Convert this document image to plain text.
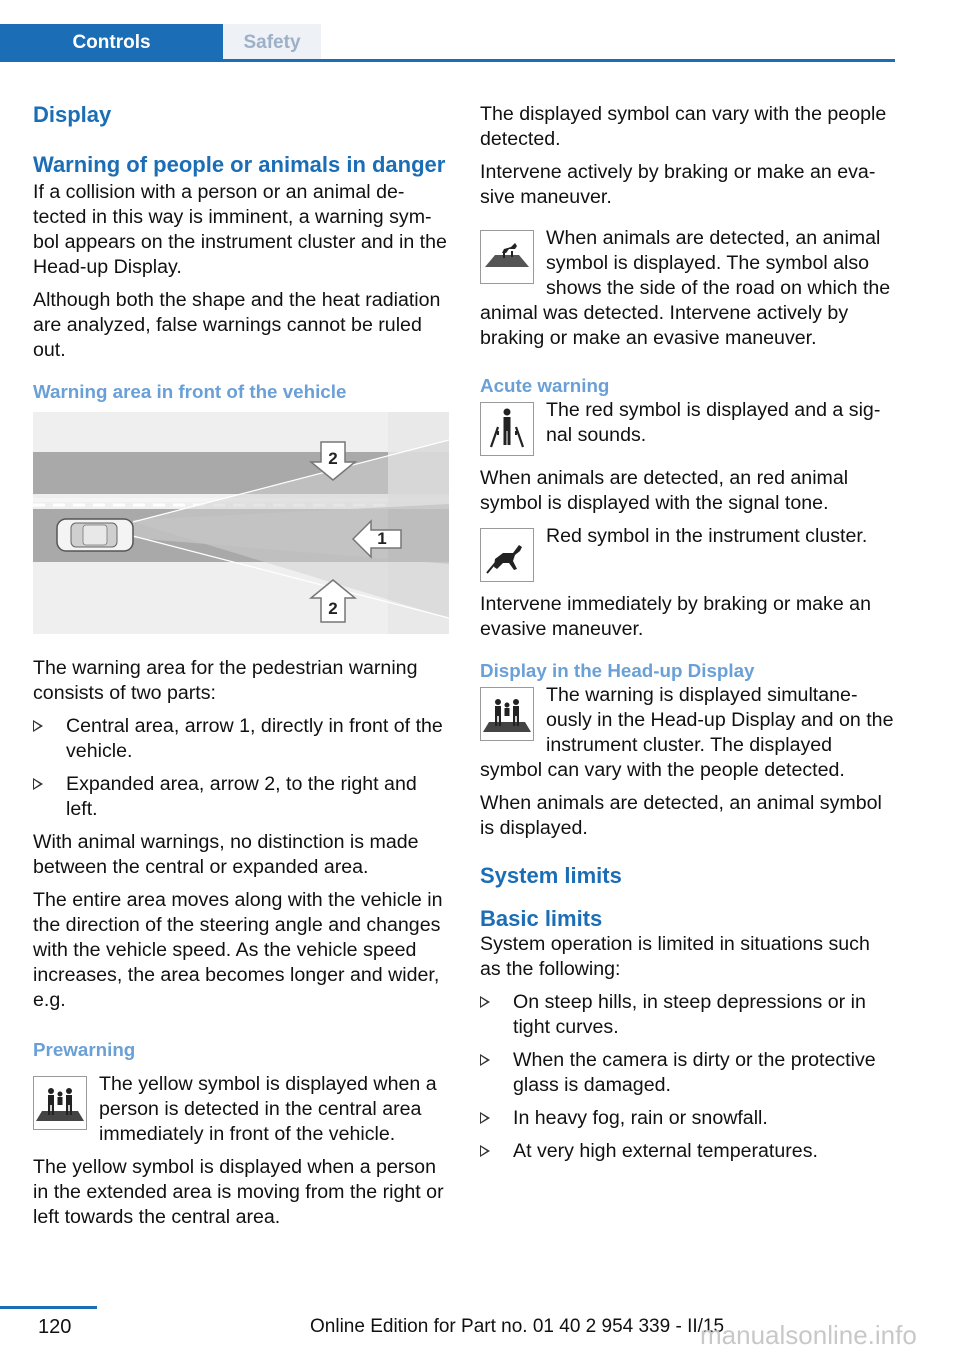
Controls	Safety
Display
Warning of people or animals in danger

If a collision with a person or an animal detected in this way is imminent, a warning symbol appears on the instrument cluster and in the Head-up Display.

Although both the shape and the heat radiation are analyzed, false warnings cannot be ruled out.

Warning area in front of the vehicle
2
1
2

The warning area for the pedestrian warning consists of two parts:

Central area, arrow 1, directly in front of the vehicle.
Expanded area, arrow 2, to the right and left.

With animal warnings, no distinction is made between the central or expanded area.

The entire area moves along with the vehicle in the direction of the steering angle and changes with the vehicle speed. As the vehicle speed increases, the area becomes longer and wider, e.g.

Prewarning
The yellow symbol is displayed when a person is detected in the central area immediately in front of the vehicle.

The yellow symbol is displayed when a person in the extended area is moving from the right or left towards the central area.

The displayed symbol can vary with the people detected.

Intervene actively by braking or make an evasive maneuver.

When animals are detected, an animal symbol is displayed. The symbol also shows the side of the road on which the animal was detected. Intervene actively by braking or make an evasive maneuver.
Acute warning
The red symbol is displayed and a signal sounds.

When animals are detected, an red animal symbol is displayed with the signal tone.

Red symbol in the instrument cluster.

Intervene immediately by braking or make an evasive maneuver.

Display in the Head-up Display
The warning is displayed simultaneously in the Head-up Display and on the instrument cluster. The displayed symbol can vary with the people detected.

When animals are detected, an animal symbol is displayed.

System limits
Basic limits

System operation is limited in situations such as the following:

On steep hills, in steep depressions or in tight curves.
When the camera is dirty or the protective glass is damaged.
In heavy fog, rain or snowfall.
At very high external temperatures.
120	Online Edition for Part no. 01 40 2 954 339 - II/15
manualsonline.info
